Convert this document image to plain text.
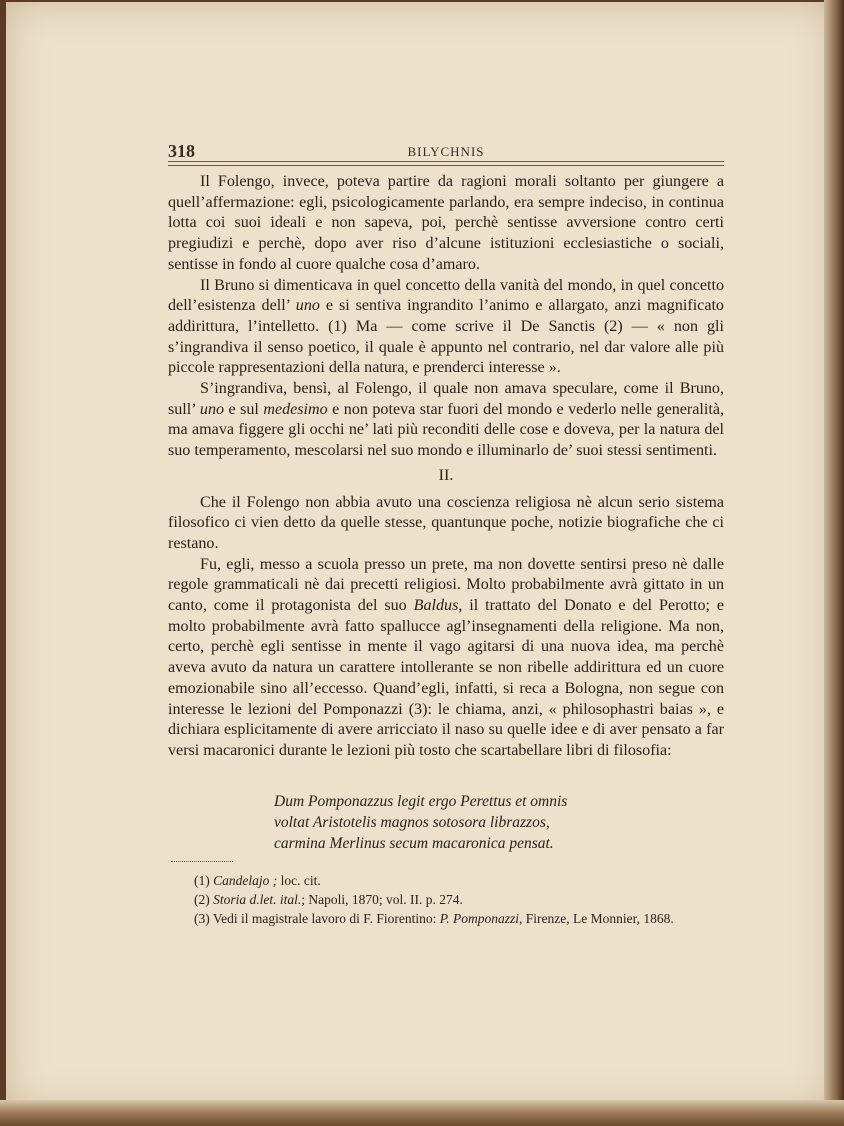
318	BILYCHNIS

Il Folengo, invece, poteva partire da ragioni morali soltanto per giungere a quell’affermazione: egli, psicologicamente parlando, era sempre indeciso, in continua lotta coi suoi ideali e non sapeva, poi, perchè sentisse avversione contro certi pregiudizi e perchè, dopo aver riso d’alcune istituzioni ecclesiastiche o sociali, sentisse in fondo al cuore qualche cosa d’amaro.

Il Bruno si dimenticava in quel concetto della vanità del mondo, in quel concetto dell’esistenza dell’ uno e si sentiva ingrandito l’animo e allargato, anzi magnificato addirittura, l’intelletto. (1) Ma — come scrive il De Sanctis (2) — « non gli s’ingrandiva il senso poetico, il quale è appunto nel contrario, nel dar valore alle più piccole rappresentazioni della natura, e prenderci interesse ».

S’ingrandiva, bensì, al Folengo, il quale non amava speculare, come il Bruno, sull’ uno e sul medesimo e non poteva star fuori del mondo e vederlo nelle generalità, ma amava figgere gli occhi ne’ lati più reconditi delle cose e doveva, per la natura del suo temperamento, mescolarsi nel suo mondo e illuminarlo de’ suoi stessi sentimenti.

II.

Che il Folengo non abbia avuto una coscienza religiosa nè alcun serio sistema filosofico ci vien detto da quelle stesse, quantunque poche, notizie biografiche che ci restano.

Fu, egli, messo a scuola presso un prete, ma non dovette sentirsi preso nè dalle regole grammaticali nè dai precetti religiosi. Molto probabilmente avrà gittato in un canto, come il protagonista del suo Baldus, il trattato del Donato e del Perotto; e molto probabilmente avrà fatto spallucce agl’insegnamenti della religione. Ma non, certo, perchè egli sentisse in mente il vago agitarsi di una nuova idea, ma perchè aveva avuto da natura un carattere intollerante se non ribelle addirittura ed un cuore emozionabile sino all’eccesso. Quand’egli, infatti, si reca a Bologna, non segue con interesse le lezioni del Pomponazzi (3): le chiama, anzi, « philosophastri baias », e dichiara esplicitamente di avere arricciato il naso su quelle idee e di aver pensato a far versi macaronici durante le lezioni più tosto che scartabellare libri di filosofia:

Dum Pomponazzus legit ergo Perettus et omnis
voltat Aristotelis magnos sotosora librazzos,
carmina Merlinus secum macaronica pensat.
(1) Candelajo ; loc. cit.
(2) Storia d.let. ital.; Napoli, 1870; vol. II. p. 274.
(3) Vedi il magistrale lavoro di F. Fiorentino: P. Pomponazzi, Firenze, Le Monnier, 1868.
